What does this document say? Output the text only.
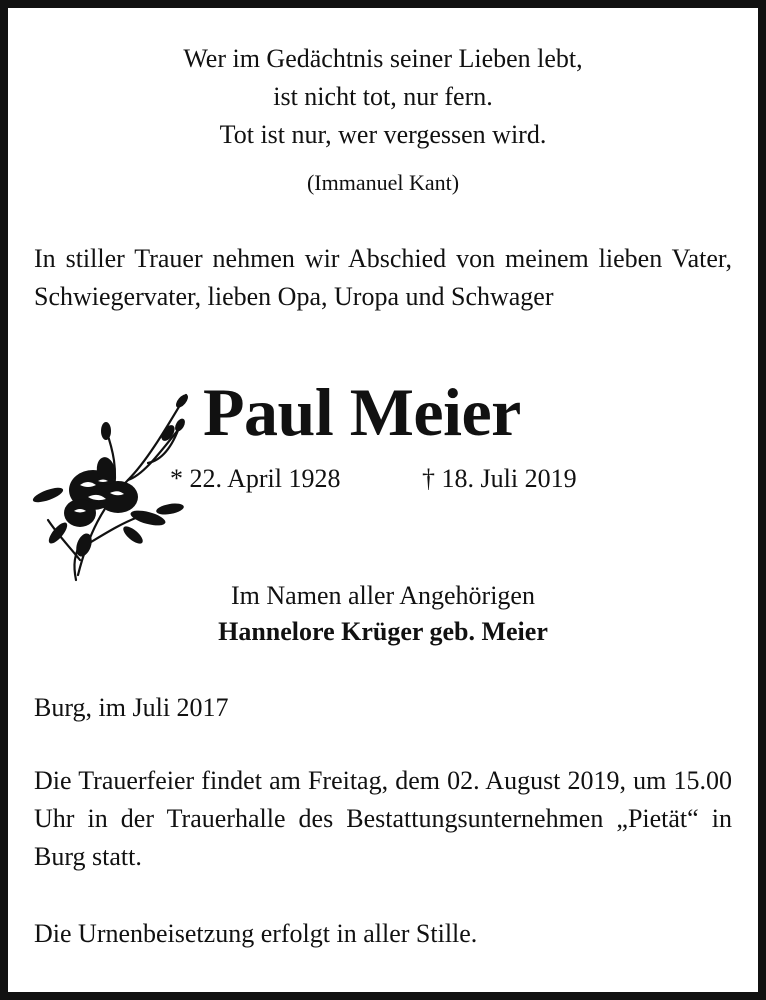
Wer im Gedächtnis seiner Lieben lebt,
ist nicht tot, nur fern.
Tot ist nur, wer vergessen wird.
(Immanuel Kant)
In stiller Trauer nehmen wir Abschied von meinem lieben Vater, Schwiegervater, lieben Opa, Uropa und Schwager
Paul Meier
* 22. April 1928	† 18. Juli 2019
Im Namen aller Angehörigen
Hannelore Krüger geb. Meier
Burg, im Juli 2017
Die Trauerfeier findet am Freitag, dem 02. August 2019, um 15.00 Uhr in der Trauerhalle des Bestattungsunternehmen „Pietät“ in Burg statt.
Die Urnenbeisetzung erfolgt in aller Stille.
